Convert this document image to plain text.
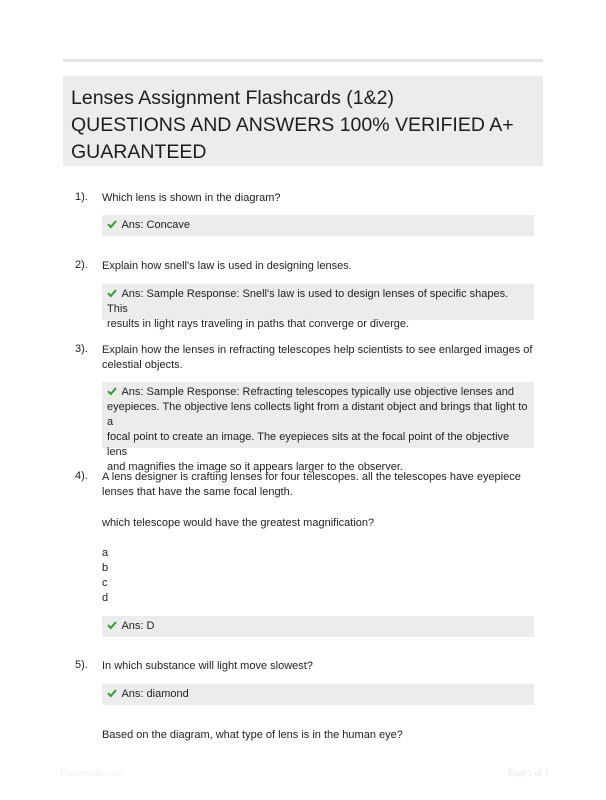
Lenses Assignment Flashcards (1&2)
QUESTIONS AND ANSWERS 100% VERIFIED A+
GUARANTEED
1). Which lens is shown in the diagram?
Ans: Concave
2). Explain how snell's law is used in designing lenses.
Ans: Sample Response: Snell's law is used to design lenses of specific shapes. This
results in light rays traveling in paths that converge or diverge.
3). Explain how the lenses in refracting telescopes help scientists to see enlarged images of
celestial objects.
Ans: Sample Response: Refracting telescopes typically use objective lenses and
eyepieces. The objective lens collects light from a distant object and brings that light to a
focal point to create an image. The eyepieces sits at the focal point of the objective lens
and magnifies the image so it appears larger to the observer.
4). A lens designer is crafting lenses for four telescopes. all the telescopes have eyepiece
lenses that have the same focal length.
which telescope would have the greatest magnification?
a
b
c
d
Ans: D
5). In which substance will light move slowest?
Ans: diamond
Based on the diagram, what type of lens is in the human eye?
PaperHelic.com	Page 1 of 3
